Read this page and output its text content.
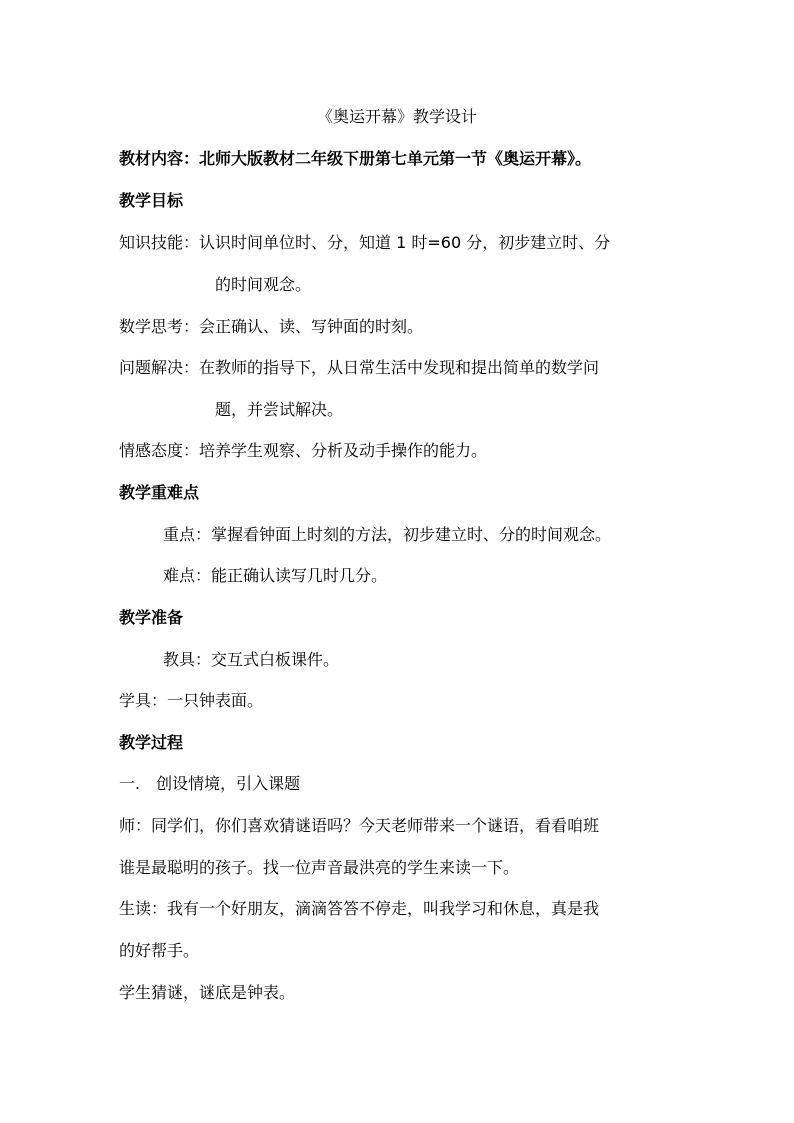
《奥运开幕》教学设计
教材内容：北师大版教材二年级下册第七单元第一节《奥运开幕》。
教学目标
知识技能：认识时间单位时、分，知道 1 时=60 分，初步建立时、分
的时间观念。
数学思考：会正确认、读、写钟面的时刻。
问题解决：在教师的指导下，从日常生活中发现和提出简单的数学问
题，并尝试解决。
情感态度：培养学生观察、分析及动手操作的能力。
教学重难点
重点：掌握看钟面上时刻的方法，初步建立时、分的时间观念。
难点：能正确认读写几时几分。
教学准备
教具：交互式白板课件。
学具：一只钟表面。
教学过程
一.　创设情境，引入课题
师：同学们，你们喜欢猜谜语吗？今天老师带来一个谜语，看看咱班
谁是最聪明的孩子。找一位声音最洪亮的学生来读一下。
生读：我有一个好朋友，滴滴答答不停走，叫我学习和休息，真是我
的好帮手。
学生猜谜，谜底是钟表。
